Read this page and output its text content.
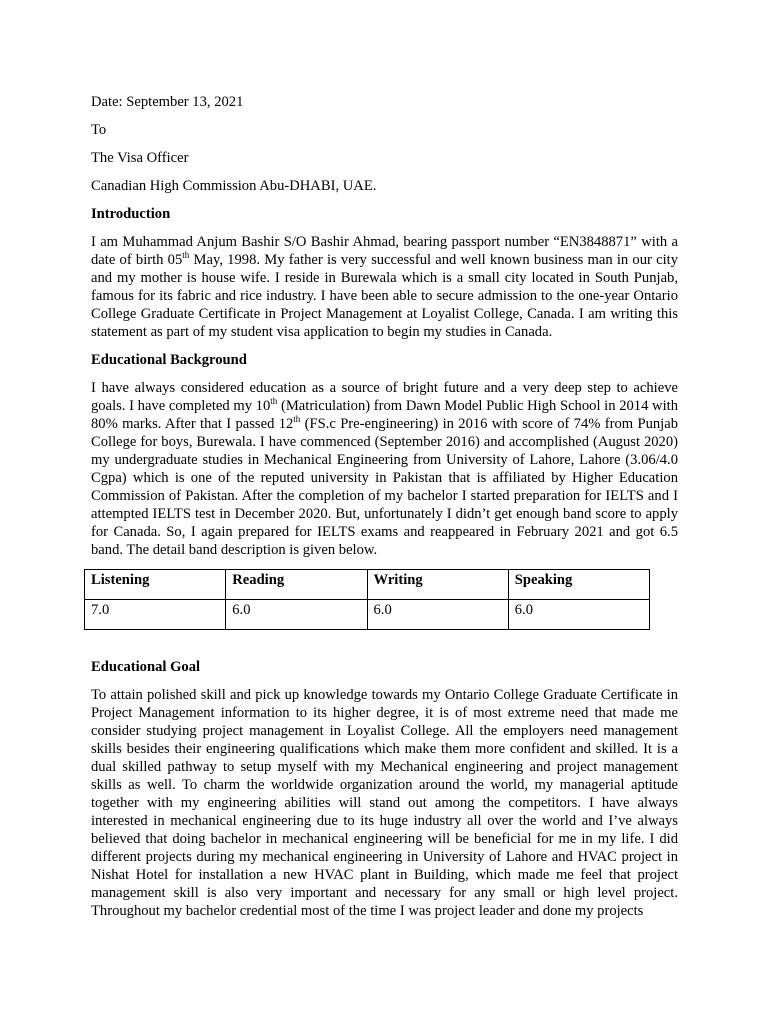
Date: September 13, 2021

To

The Visa Officer

Canadian High Commission Abu-DHABI, UAE.

Introduction

I am Muhammad Anjum Bashir S/O Bashir Ahmad, bearing passport number “EN3848871” with a date of birth 05th May, 1998. My father is very successful and well known business man in our city and my mother is house wife. I reside in Burewala which is a small city located in South Punjab, famous for its fabric and rice industry. I have been able to secure admission to the one-year Ontario College Graduate Certificate in Project Management at Loyalist College, Canada. I am writing this statement as part of my student visa application to begin my studies in Canada.

Educational Background

I have always considered education as a source of bright future and a very deep step to achieve goals. I have completed my 10th (Matriculation) from Dawn Model Public High School in 2014 with 80% marks. After that I passed 12th (FS.c Pre-engineering) in 2016 with score of 74% from Punjab College for boys, Burewala. I have commenced (September 2016) and accomplished (August 2020) my undergraduate studies in Mechanical Engineering from University of Lahore, Lahore (3.06/4.0 Cgpa) which is one of the reputed university in Pakistan that is affiliated by Higher Education Commission of Pakistan. After the completion of my bachelor I started preparation for IELTS and I attempted IELTS test in December 2020. But, unfortunately I didn’t get enough band score to apply for Canada. So, I again prepared for IELTS exams and reappeared in February 2021 and got 6.5 band. The detail band description is given below.

Listening	Reading	Writing	Speaking
7.0	6.0	6.0	6.0

Educational Goal

To attain polished skill and pick up knowledge towards my Ontario College Graduate Certificate in Project Management information to its higher degree, it is of most extreme need that made me consider studying project management in Loyalist College. All the employers need management skills besides their engineering qualifications which make them more confident and skilled. It is a dual skilled pathway to setup myself with my Mechanical engineering and project management skills as well. To charm the worldwide organization around the world, my managerial aptitude together with my engineering abilities will stand out among the competitors. I have always interested in mechanical engineering due to its huge industry all over the world and I’ve always believed that doing bachelor in mechanical engineering will be beneficial for me in my life. I did different projects during my mechanical engineering in University of Lahore and HVAC project in Nishat Hotel for installation a new HVAC plant in Building, which made me feel that project management skill is also very important and necessary for any small or high level project. Throughout my bachelor credential most of the time I was project leader and done my projects
